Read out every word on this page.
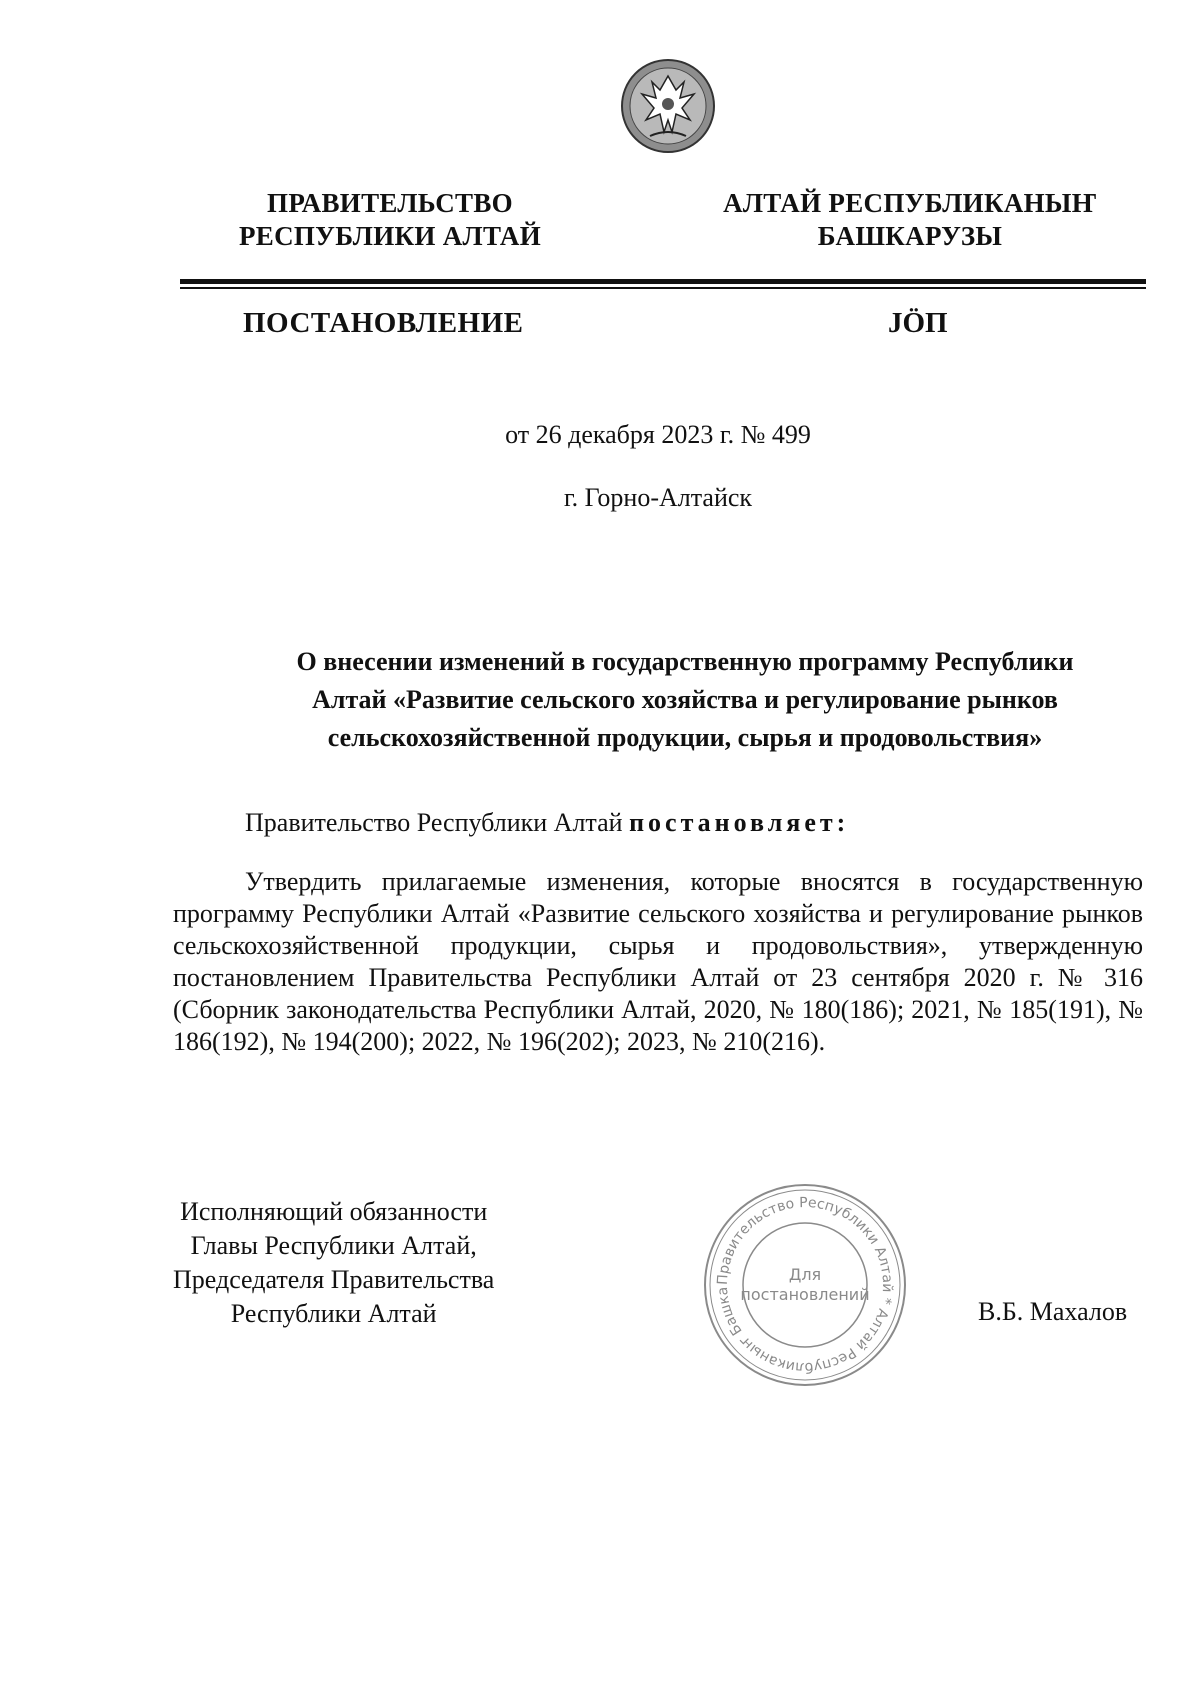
ПРАВИТЕЛЬСТВО
РЕСПУБЛИКИ АЛТАЙ
АЛТАЙ РЕСПУБЛИКАНЫҤ
БАШКАРУЗЫ
ПОСТАНОВЛЕНИЕ	JӦП
от 26 декабря 2023 г. № 499
г. Горно-Алтайск
О внесении изменений в государственную программу Республики
Алтай «Развитие сельского хозяйства и регулирование рынков
сельскохозяйственной продукции, сырья и продовольствия»
Правительство Республики Алтай постановляет:

Утвердить прилагаемые изменения, которые вносятся в государственную программу Республики Алтай «Развитие сельского хозяйства и регулирование рынков сельскохозяйственной продукции, сырья и продовольствия», утвержденную постановлением Правительства Республики Алтай от 23 сентября 2020 г. № 316 (Сборник законодательства Республики Алтай, 2020, № 180(186); 2021, № 185(191), № 186(192), № 194(200); 2022, № 196(202); 2023, № 210(216).

Исполняющий обязанности
Главы Республики Алтай,
Председателя Правительства
Республики Алтай
Правительство Республики Алтай * Алтай Республиканыҥ Башка
Для
постановлений
В.Б. Махалов
